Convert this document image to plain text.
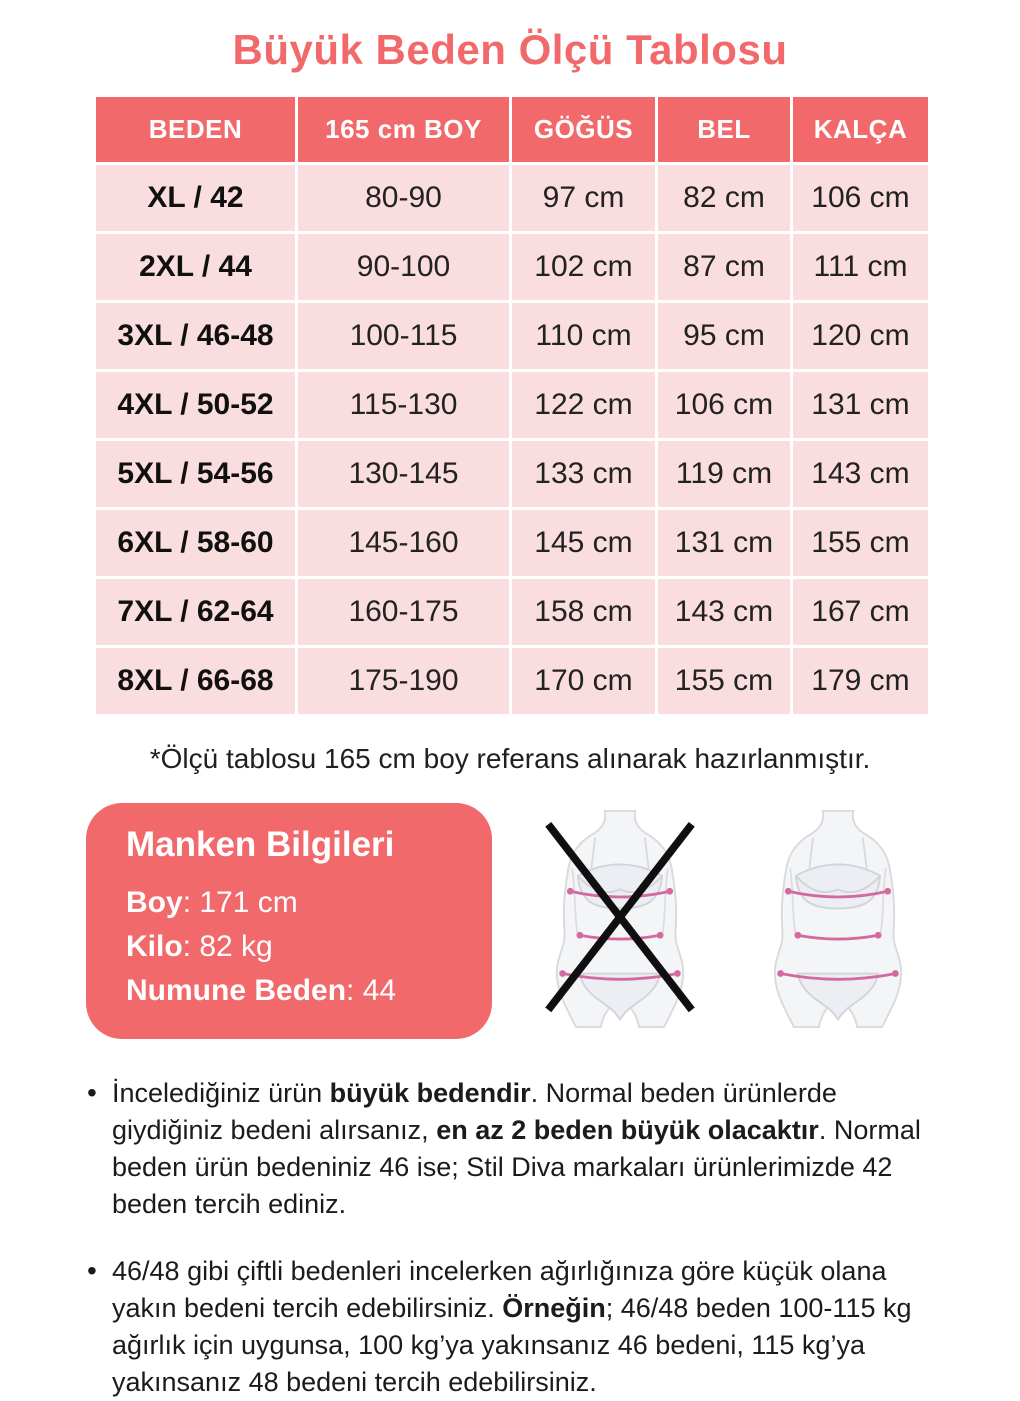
Büyük Beden Ölçü Tablosu
BEDEN	165 cm BOY	GÖĞÜS	BEL	KALÇA
XL / 42	80-90	97 cm	82 cm	106 cm
2XL / 44	90-100	102 cm	87 cm	111 cm
3XL / 46-48	100-115	110 cm	95 cm	120 cm
4XL / 50-52	115-130	122 cm	106 cm	131 cm
5XL / 54-56	130-145	133 cm	119 cm	143 cm
6XL / 58-60	145-160	145 cm	131 cm	155 cm
7XL / 62-64	160-175	158 cm	143 cm	167 cm
8XL / 66-68	175-190	170 cm	155 cm	179 cm

*Ölçü tablosu 165 cm boy referans alınarak hazırlanmıştır.

Manken Bilgileri
Boy: 171 cm
Kilo: 82 kg
Numune Beden: 44
• İncelediğiniz ürün büyük bedendir. Normal beden ürünlerde giydiğiniz bedeni alırsanız, en az 2 beden büyük olacaktır. Normal beden ürün bedeniniz 46 ise; Stil Diva markaları ürünlerimizde 42 beden tercih ediniz.
• 46/48 gibi çiftli bedenleri incelerken ağırlığınıza göre küçük olana yakın bedeni tercih edebilirsiniz. Örneğin; 46/48 beden 100-115 kg ağırlık için uygunsa, 100 kg’ya yakınsanız 46 bedeni, 115 kg’ya yakınsanız 48 bedeni tercih edebilirsiniz.
